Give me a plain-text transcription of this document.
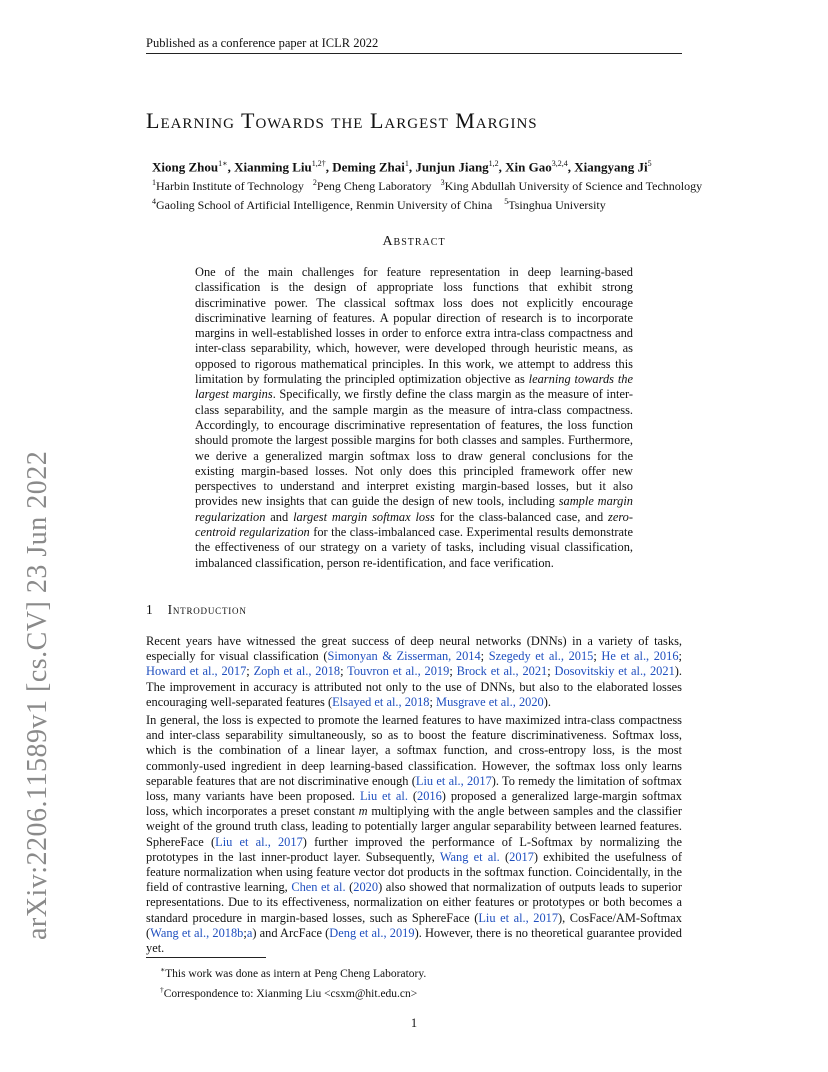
Published as a conference paper at ICLR 2022
arXiv:2206.11589v1 [cs.CV] 23 Jun 2022
Learning Towards the Largest Margins
Xiong Zhou$^{1∗}$, Xianming Liu$^{1,2\dagger}$, Deming Zhai$^1$, Junjun Jiang$^{1,2}$, Xin Gao$^{3,2,4}$, Xiangyang Ji$^5$
$^1$Harbin Institute of Technology $^2$Peng Cheng Laboratory $^3$King Abdullah University of Science and Technology
$^4$Gaoling School of Artificial Intelligence, Renmin University of China $^5$Tsinghua University
Abstract
One of the main challenges for feature representation in deep learning-based classification is the design of appropriate loss functions that exhibit strong discriminative power. The classical softmax loss does not explicitly encourage discriminative learning of features. A popular direction of research is to incorporate margins in well-established losses in order to enforce extra intra-class compactness and inter-class separability, which, however, were developed through heuristic means, as opposed to rigorous mathematical principles. In this work, we attempt to address this limitation by formulating the principled optimization objective as learning towards the largest margins. Specifically, we firstly define the class margin as the measure of inter-class separability, and the sample margin as the measure of intra-class compactness. Accordingly, to encourage discriminative representation of features, the loss function should promote the largest possible margins for both classes and samples. Furthermore, we derive a generalized margin softmax loss to draw general conclusions for the existing margin-based losses. Not only does this principled framework offer new perspectives to understand and interpret existing margin-based losses, but it also provides new insights that can guide the design of new tools, including sample margin regularization and largest margin softmax loss for the class-balanced case, and zero-centroid regularization for the class-imbalanced case. Experimental results demonstrate the effectiveness of our strategy on a variety of tasks, including visual classification, imbalanced classification, person re-identification, and face verification.
1 Introduction
Recent years have witnessed the great success of deep neural networks (DNNs) in a variety of tasks, especially for visual classification (Simonyan & Zisserman, 2014; Szegedy et al., 2015; He et al., 2016; Howard et al., 2017; Zoph et al., 2018; Touvron et al., 2019; Brock et al., 2021; Dosovitskiy et al., 2021). The improvement in accuracy is attributed not only to the use of DNNs, but also to the elaborated losses encouraging well-separated features (Elsayed et al., 2018; Musgrave et al., 2020).
In general, the loss is expected to promote the learned features to have maximized intra-class compactness and inter-class separability simultaneously, so as to boost the feature discriminativeness. Softmax loss, which is the combination of a linear layer, a softmax function, and cross-entropy loss, is the most commonly-used ingredient in deep learning-based classification. However, the softmax loss only learns separable features that are not discriminative enough (Liu et al., 2017). To remedy the limitation of softmax loss, many variants have been proposed. Liu et al. (2016) proposed a generalized large-margin softmax loss, which incorporates a preset constant m multiplying with the angle between samples and the classifier weight of the ground truth class, leading to potentially larger angular separability between learned features. SphereFace (Liu et al., 2017) further improved the performance of L-Softmax by normalizing the prototypes in the last inner-product layer. Subsequently, Wang et al. (2017) exhibited the usefulness of feature normalization when using feature vector dot products in the softmax function. Coincidentally, in the field of contrastive learning, Chen et al. (2020) also showed that normalization of outputs leads to superior representations. Due to its effectiveness, normalization on either features or prototypes or both becomes a standard procedure in margin-based losses, such as SphereFace (Liu et al., 2017), CosFace/AM-Softmax (Wang et al., 2018b;a) and ArcFace (Deng et al., 2019). However, there is no theoretical guarantee provided yet.
∗This work was done as intern at Peng Cheng Laboratory.
†Correspondence to: Xianming Liu <csxm@hit.edu.cn>
1
